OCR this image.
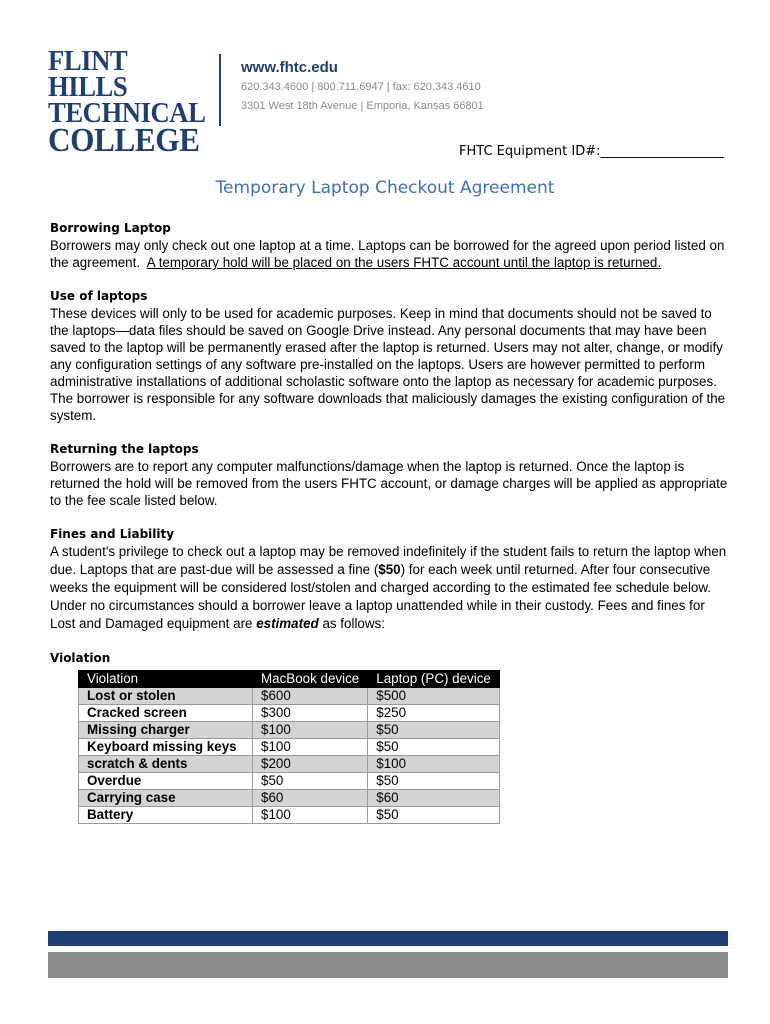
FLINT HILLS
TECHNICAL
COLLEGE
www.fhtc.edu
620.343.4600 | 800.711.6947 | fax: 620.343.4610
3301 West 18th Avenue | Emporia, Kansas 66801
FHTC Equipment ID#:___________________
Temporary Laptop Checkout Agreement
Borrowing Laptop

Borrowers may only check out one laptop at a time. Laptops can be borrowed for the agreed upon period listed on the agreement. A temporary hold will be placed on the users FHTC account until the laptop is returned.

Use of laptops

These devices will only to be used for academic purposes. Keep in mind that documents should not be saved to the laptops—data files should be saved on Google Drive instead. Any personal documents that may have been saved to the laptop will be permanently erased after the laptop is returned. Users may not alter, change, or modify any configuration settings of any software pre-installed on the laptops. Users are however permitted to perform administrative installations of additional scholastic software onto the laptop as necessary for academic purposes. The borrower is responsible for any software downloads that maliciously damages the existing configuration of the system.

Returning the laptops

Borrowers are to report any computer malfunctions/damage when the laptop is returned. Once the laptop is returned the hold will be removed from the users FHTC account, or damage charges will be applied as appropriate to the fee scale listed below.

Fines and Liability

A student's privilege to check out a laptop may be removed indefinitely if the student fails to return the laptop when due. Laptops that are past-due will be assessed a fine ($50) for each week until returned. After four consecutive weeks the equipment will be considered lost/stolen and charged according to the estimated fee schedule below. Under no circumstances should a borrower leave a laptop unattended while in their custody. Fees and fines for Lost and Damaged equipment are estimated as follows:

Violation
Violation	MacBook device	Laptop (PC) device
Lost or stolen	$600	$500
Cracked screen	$300	$250
Missing charger	$100	$50
Keyboard missing keys	$100	$50
scratch & dents	$200	$100
Overdue	$50	$50
Carrying case	$60	$60
Battery	$100	$50
